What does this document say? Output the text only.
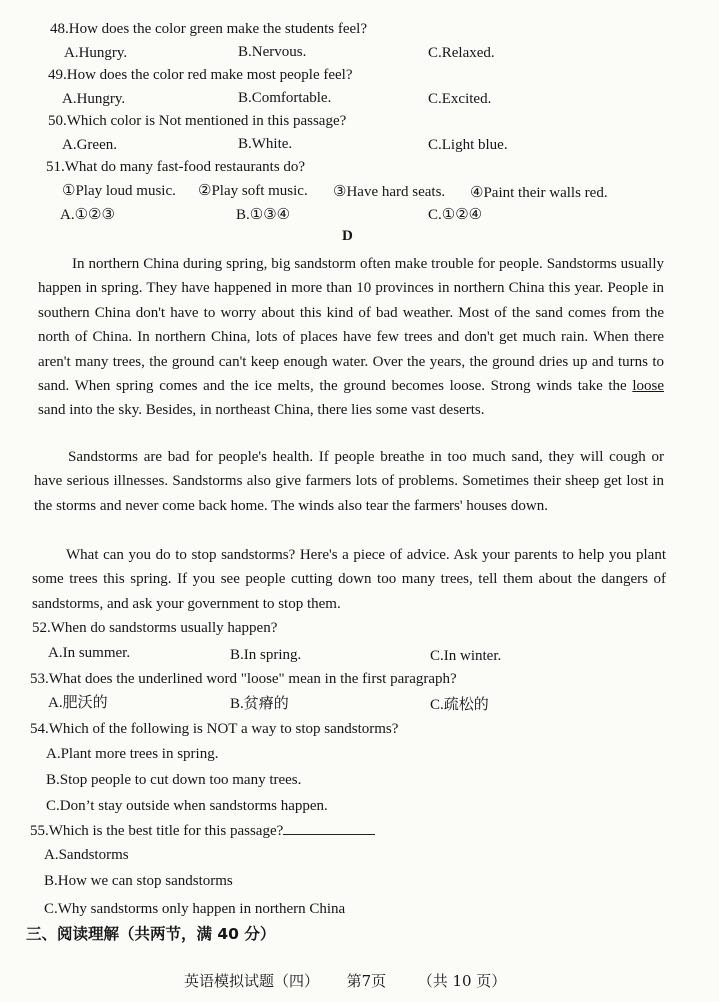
48.How does the color green make the students feel?
A.Hungry.	B.Nervous.	C.Relaxed.
49.How does the color red make most people feel?
A.Hungry.	B.Comfortable.	C.Excited.
50.Which color is Not mentioned in this passage?
A.Green.	B.White.	C.Light blue.
51.What do many fast-food restaurants do?
①Play loud music. ②Play soft music. ③Have hard seats. ④Paint their walls red.
A.①②③	B.①③④	C.①②④
D
In northern China during spring, big sandstorm often make trouble for people. Sandstorms usually happen in spring. They have happened in more than 10 provinces in northern China this year. People in southern China don't have to worry about this kind of bad weather. Most of the sand comes from the north of China. In northern China, lots of places have few trees and don't get much rain. When there aren't many trees, the ground can't keep enough water. Over the years, the ground dries up and turns to sand. When spring comes and the ice melts, the ground becomes loose. Strong winds take the loose sand into the sky. Besides, in northeast China, there lies some vast deserts.
Sandstorms are bad for people's health. If people breathe in too much sand, they will cough or have serious illnesses. Sandstorms also give farmers lots of problems. Sometimes their sheep get lost in the storms and never come back home. The winds also tear the farmers' houses down.
What can you do to stop sandstorms? Here's a piece of advice. Ask your parents to help you plant some trees this spring. If you see people cutting down too many trees, tell them about the dangers of sandstorms, and ask your government to stop them.
52.When do sandstorms usually happen?
A.In summer.	B.In spring.	C.In winter.
53.What does the underlined word "loose" mean in the first paragraph?
A.肥沃的	B.贫瘠的	C.疏松的
54.Which of the following is NOT a way to stop sandstorms?
A.Plant more trees in spring.
B.Stop people to cut down too many trees.
C.Don’t stay outside when sandstorms happen.
55.Which is the best title for this passage?
A.Sandstorms
B.How we can stop sandstorms
C.Why sandstorms only happen in northern China
三、阅读理解（共两节，满 40 分）
英语模拟试题（四） 第7页 （共 10 页）
